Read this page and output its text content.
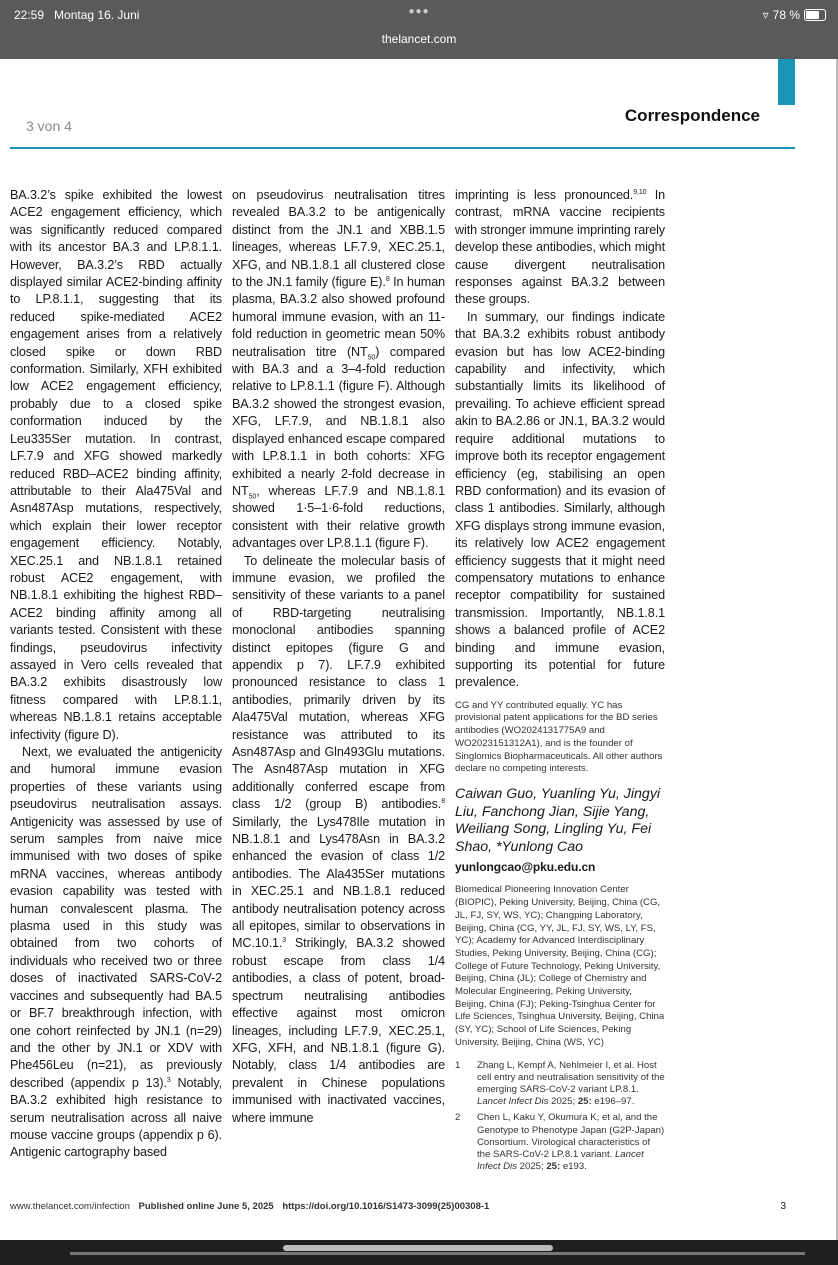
22:59 Montag 16. Juni	●●●
thelancet.com
▿ 78 %
3 von 4
Correspondence

BA.3.2’s spike exhibited the lowest ACE2 engagement efficiency, which was significantly reduced compared with its ancestor BA.3 and LP.8.1.1. However, BA.3.2’s RBD actually displayed similar ACE2-binding affinity to LP.8.1.1, suggesting that its reduced spike-mediated ACE2 engagement arises from a relatively closed spike or down RBD conformation. Similarly, XFH exhibited low ACE2 engagement efficiency, probably due to a closed spike conformation induced by the Leu335Ser mutation. In contrast, LF.7.9 and XFG showed markedly reduced RBD–ACE2 binding affinity, attributable to their Ala475Val and Asn487Asp mutations, respectively, which explain their lower receptor engagement efficiency. Notably, XEC.25.1 and NB.1.8.1 retained robust ACE2 engagement, with NB.1.8.1 exhibiting the highest RBD–ACE2 binding affinity among all variants tested. Consistent with these findings, pseudovirus infectivity assayed in Vero cells revealed that BA.3.2 exhibits disastrously low fitness compared with LP.8.1.1, whereas NB.1.8.1 retains acceptable infectivity (figure D).

Next, we evaluated the antigenicity and humoral immune evasion properties of these variants using pseudovirus neutralisation assays. Antigenicity was assessed by use of serum samples from naive mice immunised with two doses of spike mRNA vaccines, whereas antibody evasion capability was tested with human convalescent plasma. The plasma used in this study was obtained from two cohorts of individuals who received two or three doses of inactivated SARS-CoV-2 vaccines and subsequently had BA.5 or BF.7 breakthrough infection, with one cohort reinfected by JN.1 (n=29) and the other by JN.1 or XDV with Phe456Leu (n=21), as previously described (appendix p 13).$^3$ Notably, BA.3.2 exhibited high resistance to serum neutralisation across all naive mouse vaccine groups (appendix p 6). Antigenic cartography based

on pseudovirus neutralisation titres revealed BA.3.2 to be antigenically distinct from the JN.1 and XBB.1.5 lineages, whereas LF.7.9, XEC.25.1, XFG, and NB.1.8.1 all clustered close to the JN.1 family (figure E).$^8$ In human plasma, BA.3.2 also showed profound humoral immune evasion, with an 11-fold reduction in geometric mean 50% neutralisation titre $(NT_{50})$ compared with BA.3 and a 3–4-fold reduction relative to LP.8.1.1 (figure F). Although BA.3.2 showed the strongest evasion, XFG, LF.7.9, and NB.1.8.1 also displayed enhanced escape compared with LP.8.1.1 in both cohorts: XFG exhibited a nearly 2-fold decrease in $NT_{50}$, whereas LF.7.9 and NB.1.8.1 showed 1·5–1·6-fold reductions, consistent with their relative growth advantages over LP.8.1.1 (figure F).

To delineate the molecular basis of immune evasion, we profiled the sensitivity of these variants to a panel of RBD-targeting neutralising monoclonal antibodies spanning distinct epitopes (figure G and appendix p 7). LF.7.9 exhibited pronounced resistance to class 1 antibodies, primarily driven by its Ala475Val mutation, whereas XFG resistance was attributed to its Asn487Asp and Gln493Glu mutations. The Asn487Asp mutation in XFG additionally conferred escape from class 1/2 (group B) antibodies.$^8$ Similarly, the Lys478Ile mutation in NB.1.8.1 and Lys478Asn in BA.3.2 enhanced the evasion of class 1/2 antibodies. The Ala435Ser mutations in XEC.25.1 and NB.1.8.1 reduced antibody neutralisation potency across all epitopes, similar to observations in MC.10.1.$^3$ Strikingly, BA.3.2 showed robust escape from class 1/4 antibodies, a class of potent, broad-spectrum neutralising antibodies effective against most omicron lineages, including LF.7.9, XEC.25.1, XFG, XFH, and NB.1.8.1 (figure G). Notably, class 1/4 antibodies are prevalent in Chinese populations immunised with inactivated vaccines, where immune

imprinting is less pronounced.$^{9,10}$ In contrast, mRNA vaccine recipients with stronger immune imprinting rarely develop these antibodies, which might cause divergent neutralisation responses against BA.3.2 between these groups.

In summary, our findings indicate that BA.3.2 exhibits robust antibody evasion but has low ACE2-binding capability and infectivity, which substantially limits its likelihood of prevailing. To achieve efficient spread akin to BA.2.86 or JN.1, BA.3.2 would require additional mutations to improve both its receptor engagement efficiency (eg, stabilising an open RBD conformation) and its evasion of class 1 antibodies. Similarly, although XFG displays strong immune evasion, its relatively low ACE2 engagement efficiency suggests that it might need compensatory mutations to enhance receptor compatibility for sustained transmission. Importantly, NB.1.8.1 shows a balanced profile of ACE2 binding and immune evasion, supporting its potential for future prevalence.

CG and YY contributed equally. YC has provisional patent applications for the BD series antibodies (WO2024131775A9 and WO2023151312A1), and is the founder of Singlomics Biopharmaceuticals. All other authors declare no competing interests.

Caiwan Guo, Yuanling Yu, Jingyi Liu, Fanchong Jian, Sijie Yang, Weiliang Song, Lingling Yu, Fei Shao, *Yunlong Cao

yunlongcao@pku.edu.cn

Biomedical Pioneering Innovation Center (BIOPIC), Peking University, Beijing, China (CG, JL, FJ, SY, WS, YC); Changping Laboratory, Beijing, China (CG, YY, JL, FJ, SY, WS, LY, FS, YC); Academy for Advanced Interdisciplinary Studies, Peking University, Beijing, China (CG); College of Future Technology, Peking University, Beijing, China (JL); College of Chemistry and Molecular Engineering, Peking University, Beijing, China (FJ); Peking-Tsinghua Center for Life Sciences, Tsinghua University, Beijing, China (SY, YC); School of Life Sciences, Peking University, Beijing, China (WS, YC)

1	Zhang L, Kempf A, Nehlmeier I, et al. Host cell entry and neutralisation sensitivity of the emerging SARS-CoV-2 variant LP.8.1. Lancet Infect Dis 2025; 25: e196–97.
2	Chen L, Kaku Y, Okumura K, et al, and the Genotype to Phenotype Japan (G2P-Japan) Consortium. Virological characteristics of the SARS-CoV-2 LP.8.1 variant. Lancet Infect Dis 2025; 25: e193.
www.thelancet.com/infection Published online June 5, 2025 https://doi.org/10.1016/S1473-3099(25)00308-1	3
